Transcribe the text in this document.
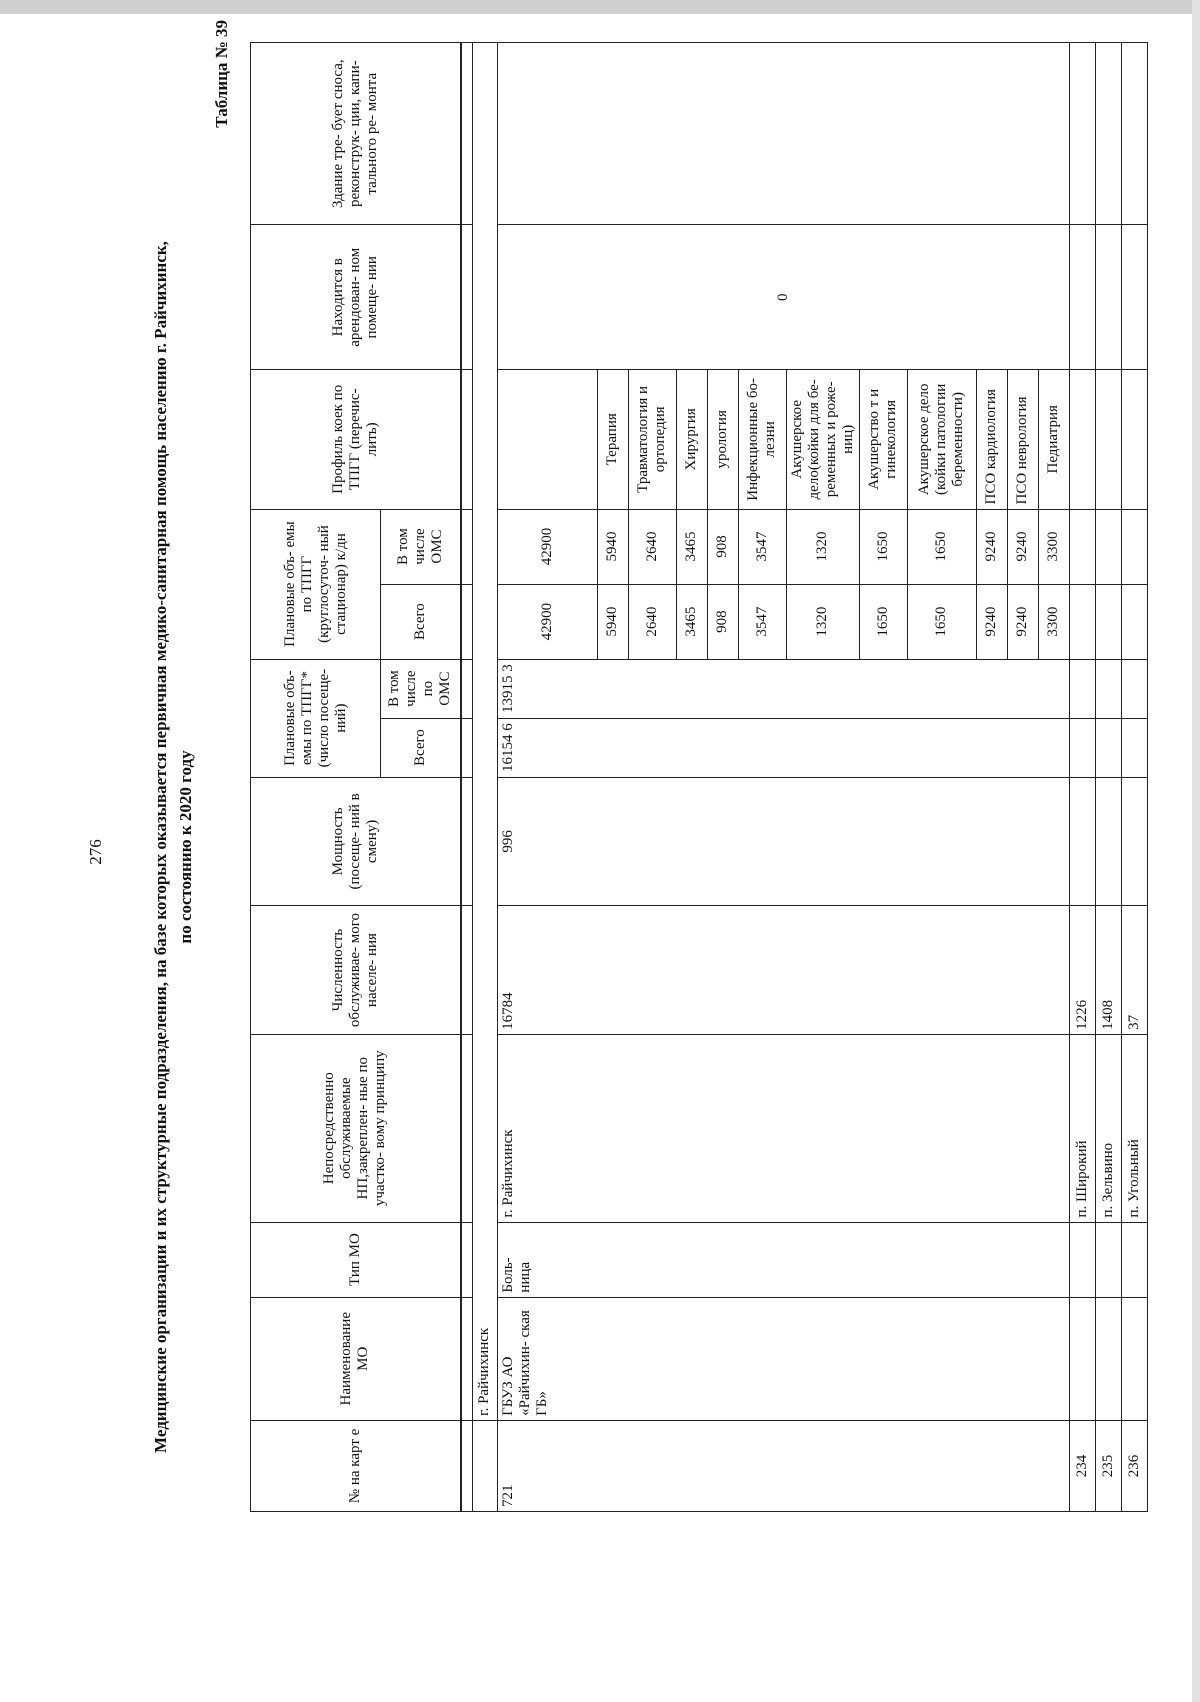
276	Медицинские организации и их структурные подразделения, на базе которых оказывается первичная медико-санитарная помощь населению г. Райчихинск, по состоянию к 2020 году
Таблица № 39
№ на карт е	Наименование МО	Тип МО	Непосредственно обслуживаемые НП,закреплен- ные по участко- вому принципу	Численность обслуживае- мого населе- ния	Мощность (посеще- ний в смену)	Плановые объ- емы по ТПГГ* (число посеще- ний)		Плановые объ- емы по ТПГГ (круглосуточ- ный стационар) к/дн		Профиль коек по ТПГГ (перечис- лить)	Находится в арендован- ном помеще- нии	Здание тре- бует сноса, реконструк- ции, капи- тального ре- монта
						Всего	В том числе по ОМС	Всего	В том числе ОМС			

	г. Райчихинск											
721	ГБУЗ АО «Райчихин- ская ГБ»	Боль- ница	г. Райчихинск	16784	996	16154 6	13915 3	42900	42900		0	
								5940	5940	Терапия		
								2640	2640	Травматология и ортопедия		
								3465	3465	Хирургия		
								908	908	урология		
								3547	3547	Инфекционные бо- лезни		
								1320	1320	Акушерское дело(койки для бе- ременных и роже- ниц)		
								1650	1650	Акушерство т и гинекология		
								1650	1650	Акушерское дело (койки патологии беременности)		
								9240	9240	ПСО кардиология		
								9240	9240	ПСО неврология		
								3300	3300	Педиатрия		
234			п. Широкий	1226								
235			п. Зельвино	1408								
236			п. Угольный	37								
